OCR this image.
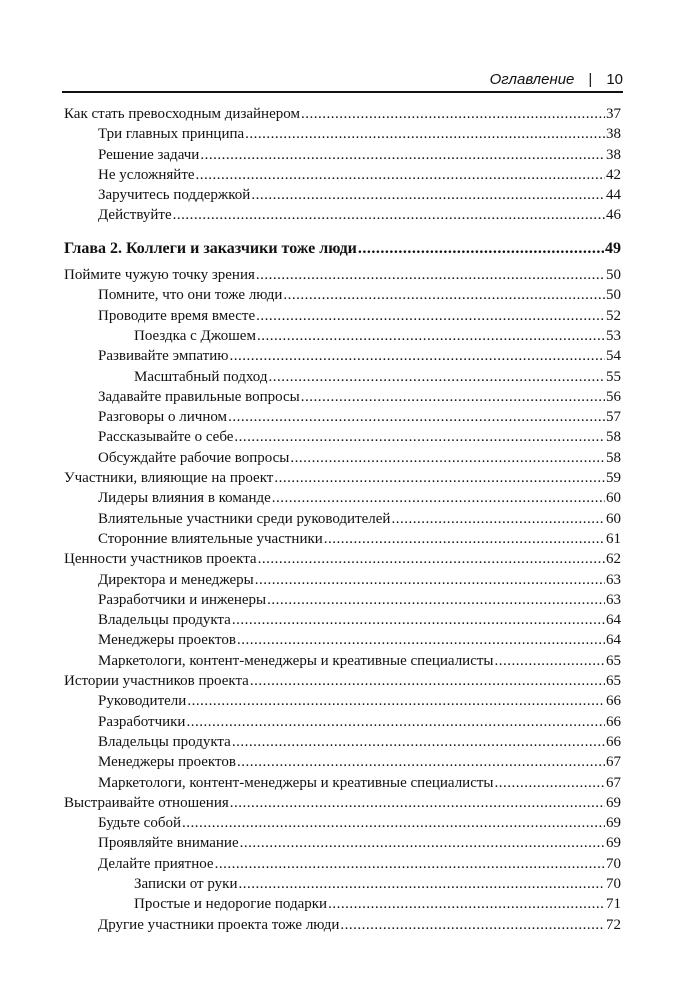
Оглавление | 10
Как стать превосходным дизайнером .....	37
Три главных принципа .....	38
Решение задачи .....	38
Не усложняйте .....	42
Заручитесь поддержкой .....	44
Действуйте .....	46
Глава 2. Коллеги и заказчики тоже люди .....	49
Поймите чужую точку зрения .....	50
Помните, что они тоже люди .....	50
Проводите время вместе .....	52
Поездка с Джошем .....	53
Развивайте эмпатию .....	54
Масштабный подход .....	55
Задавайте правильные вопросы .....	56
Разговоры о личном .....	57
Рассказывайте о себе .....	58
Обсуждайте рабочие вопросы .....	58
Участники, влияющие на проект .....	59
Лидеры влияния в команде .....	60
Влиятельные участники среди руководителей .....	60
Сторонние влиятельные участники .....	61
Ценности участников проекта .....	62
Директора и менеджеры .....	63
Разработчики и инженеры .....	63
Владельцы продукта .....	64
Менеджеры проектов .....	64
Маркетологи, контент-менеджеры и креативные специалисты .....	65
Истории участников проекта .....	65
Руководители .....	66
Разработчики .....	66
Владельцы продукта .....	66
Менеджеры проектов .....	67
Маркетологи, контент-менеджеры и креативные специалисты .....	67
Выстраивайте отношения .....	69
Будьте собой .....	69
Проявляйте внимание .....	69
Делайте приятное .....	70
Записки от руки .....	70
Простые и недорогие подарки .....	71
Другие участники проекта тоже люди .....	72
